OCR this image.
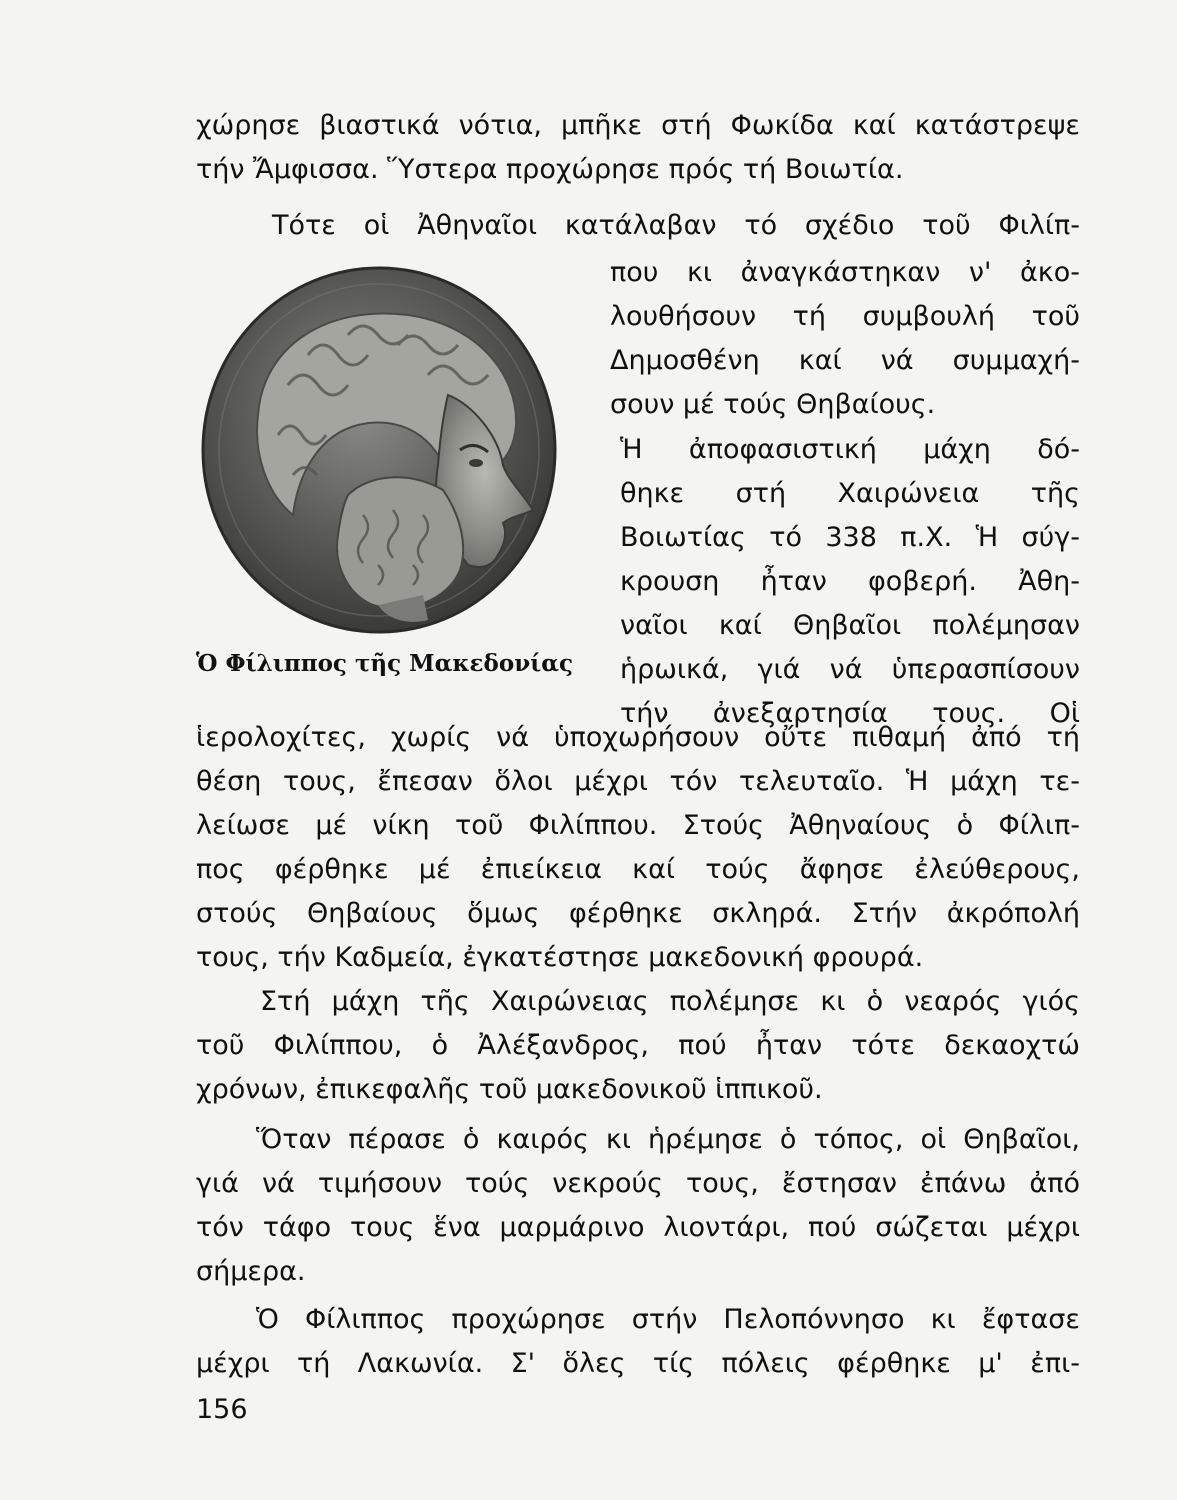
χώρησε βιαστικά νότια, μπῆκε στή Φωκίδα καί κατάστρεψε
τήν Ἄμφισσα. Ὕστερα προχώρησε πρός τή Βοιωτία.
Τότε οἱ Ἀθηναῖοι κατάλαβαν τό σχέδιο τοῦ Φιλίπ-
που κι ἀναγκάστηκαν ν' ἀκο-
λουθήσουν τή συμβουλή τοῦ
Δημοσθένη καί νά συμμαχή-
σουν μέ τούς Θηβαίους.
Ἡ ἀποφασιστική μάχη δό-
θηκε στή Χαιρώνεια τῆς
Βοιωτίας τό 338 π.Χ. Ἡ σύγ-
κρουση ἦταν φοβερή. Ἀθη-
ναῖοι καί Θηβαῖοι πολέμησαν
ἡρωικά, γιά νά ὑπερασπίσουν
τήν ἀνεξαρτησία τους. Οἱ
ἱερολοχίτες, χωρίς νά ὑποχωρήσουν οὔτε πιθαμή ἀπό τή
θέση τους, ἔπεσαν ὅλοι μέχρι τόν τελευταῖο. Ἡ μάχη τε-
λείωσε μέ νίκη τοῦ Φιλίππου. Στούς Ἀθηναίους ὁ Φίλιπ-
πος φέρθηκε μέ ἐπιείκεια καί τούς ἄφησε ἐλεύθερους,
στούς Θηβαίους ὅμως φέρθηκε σκληρά. Στήν ἀκρόπολή
τους, τήν Καδμεία, ἐγκατέστησε μακεδονική φρουρά.
Στή μάχη τῆς Χαιρώνειας πολέμησε κι ὁ νεαρός γιός
τοῦ Φιλίππου, ὁ Ἀλέξανδρος, πού ἦταν τότε δεκαοχτώ
χρόνων, ἐπικεφαλῆς τοῦ μακεδονικοῦ ἱππικοῦ.
Ὅταν πέρασε ὁ καιρός κι ἡρέμησε ὁ τόπος, οἱ Θηβαῖοι,
γιά νά τιμήσουν τούς νεκρούς τους, ἔστησαν ἐπάνω ἀπό
τόν τάφο τους ἕνα μαρμάρινο λιοντάρι, πού σώζεται μέχρι
σήμερα.
Ὁ Φίλιππος προχώρησε στήν Πελοπόννησο κι ἔφτασε
μέχρι τή Λακωνία. Σ' ὅλες τίς πόλεις φέρθηκε μ' ἐπι-
Ὁ Φίλιππος τῆς Μακεδονίας
156
